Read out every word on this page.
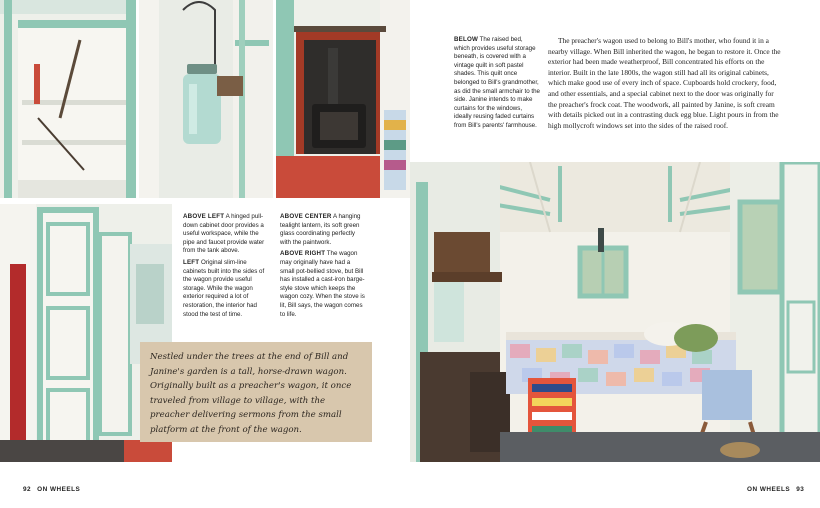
ABOVE LEFT A hinged pull-down cabinet door provides a useful workspace, while the pipe and faucet provide water from the tank above.

LEFT Original slim-line cabinets built into the sides of the wagon provide useful storage. While the wagon exterior required a lot of restoration, the interior had stood the test of time.

ABOVE CENTER A hanging tealight lantern, its soft green glass coordinating perfectly with the paintwork.

ABOVE RIGHT The wagon may originally have had a small pot-bellied stove, but Bill has installed a cast-iron barge-style stove which keeps the wagon cozy. When the stove is lit, Bill says, the wagon comes to life.

Nestled under the trees at the end of Bill and Janine's garden is a tall, horse-drawn wagon. Originally built as a preacher's wagon, it once traveled from village to village, with the preacher delivering sermons from the small platform at the front of the wagon.

BELOW The raised bed, which provides useful storage beneath, is covered with a vintage quilt in soft pastel shades. This quilt once belonged to Bill's grandmother, as did the small armchair to the side. Janine intends to make curtains for the windows, ideally reusing faded curtains from Bill's parents' farmhouse.

The preacher's wagon used to belong to Bill's mother, who found it in a nearby village. When Bill inherited the wagon, he began to restore it. Once the exterior had been made weatherproof, Bill concentrated his efforts on the interior. Built in the late 1800s, the wagon still had all its original cabinets, which make good use of every inch of space. Cupboards hold crockery, food, and other essentials, and a special cabinet next to the door was originally for the preacher's frock coat. The woodwork, all painted by Janine, is soft cream with details picked out in a contrasting duck egg blue. Light pours in from the high mollycroft windows set into the sides of the raised roof.

92 ON WHEELS	ON WHEELS 93
